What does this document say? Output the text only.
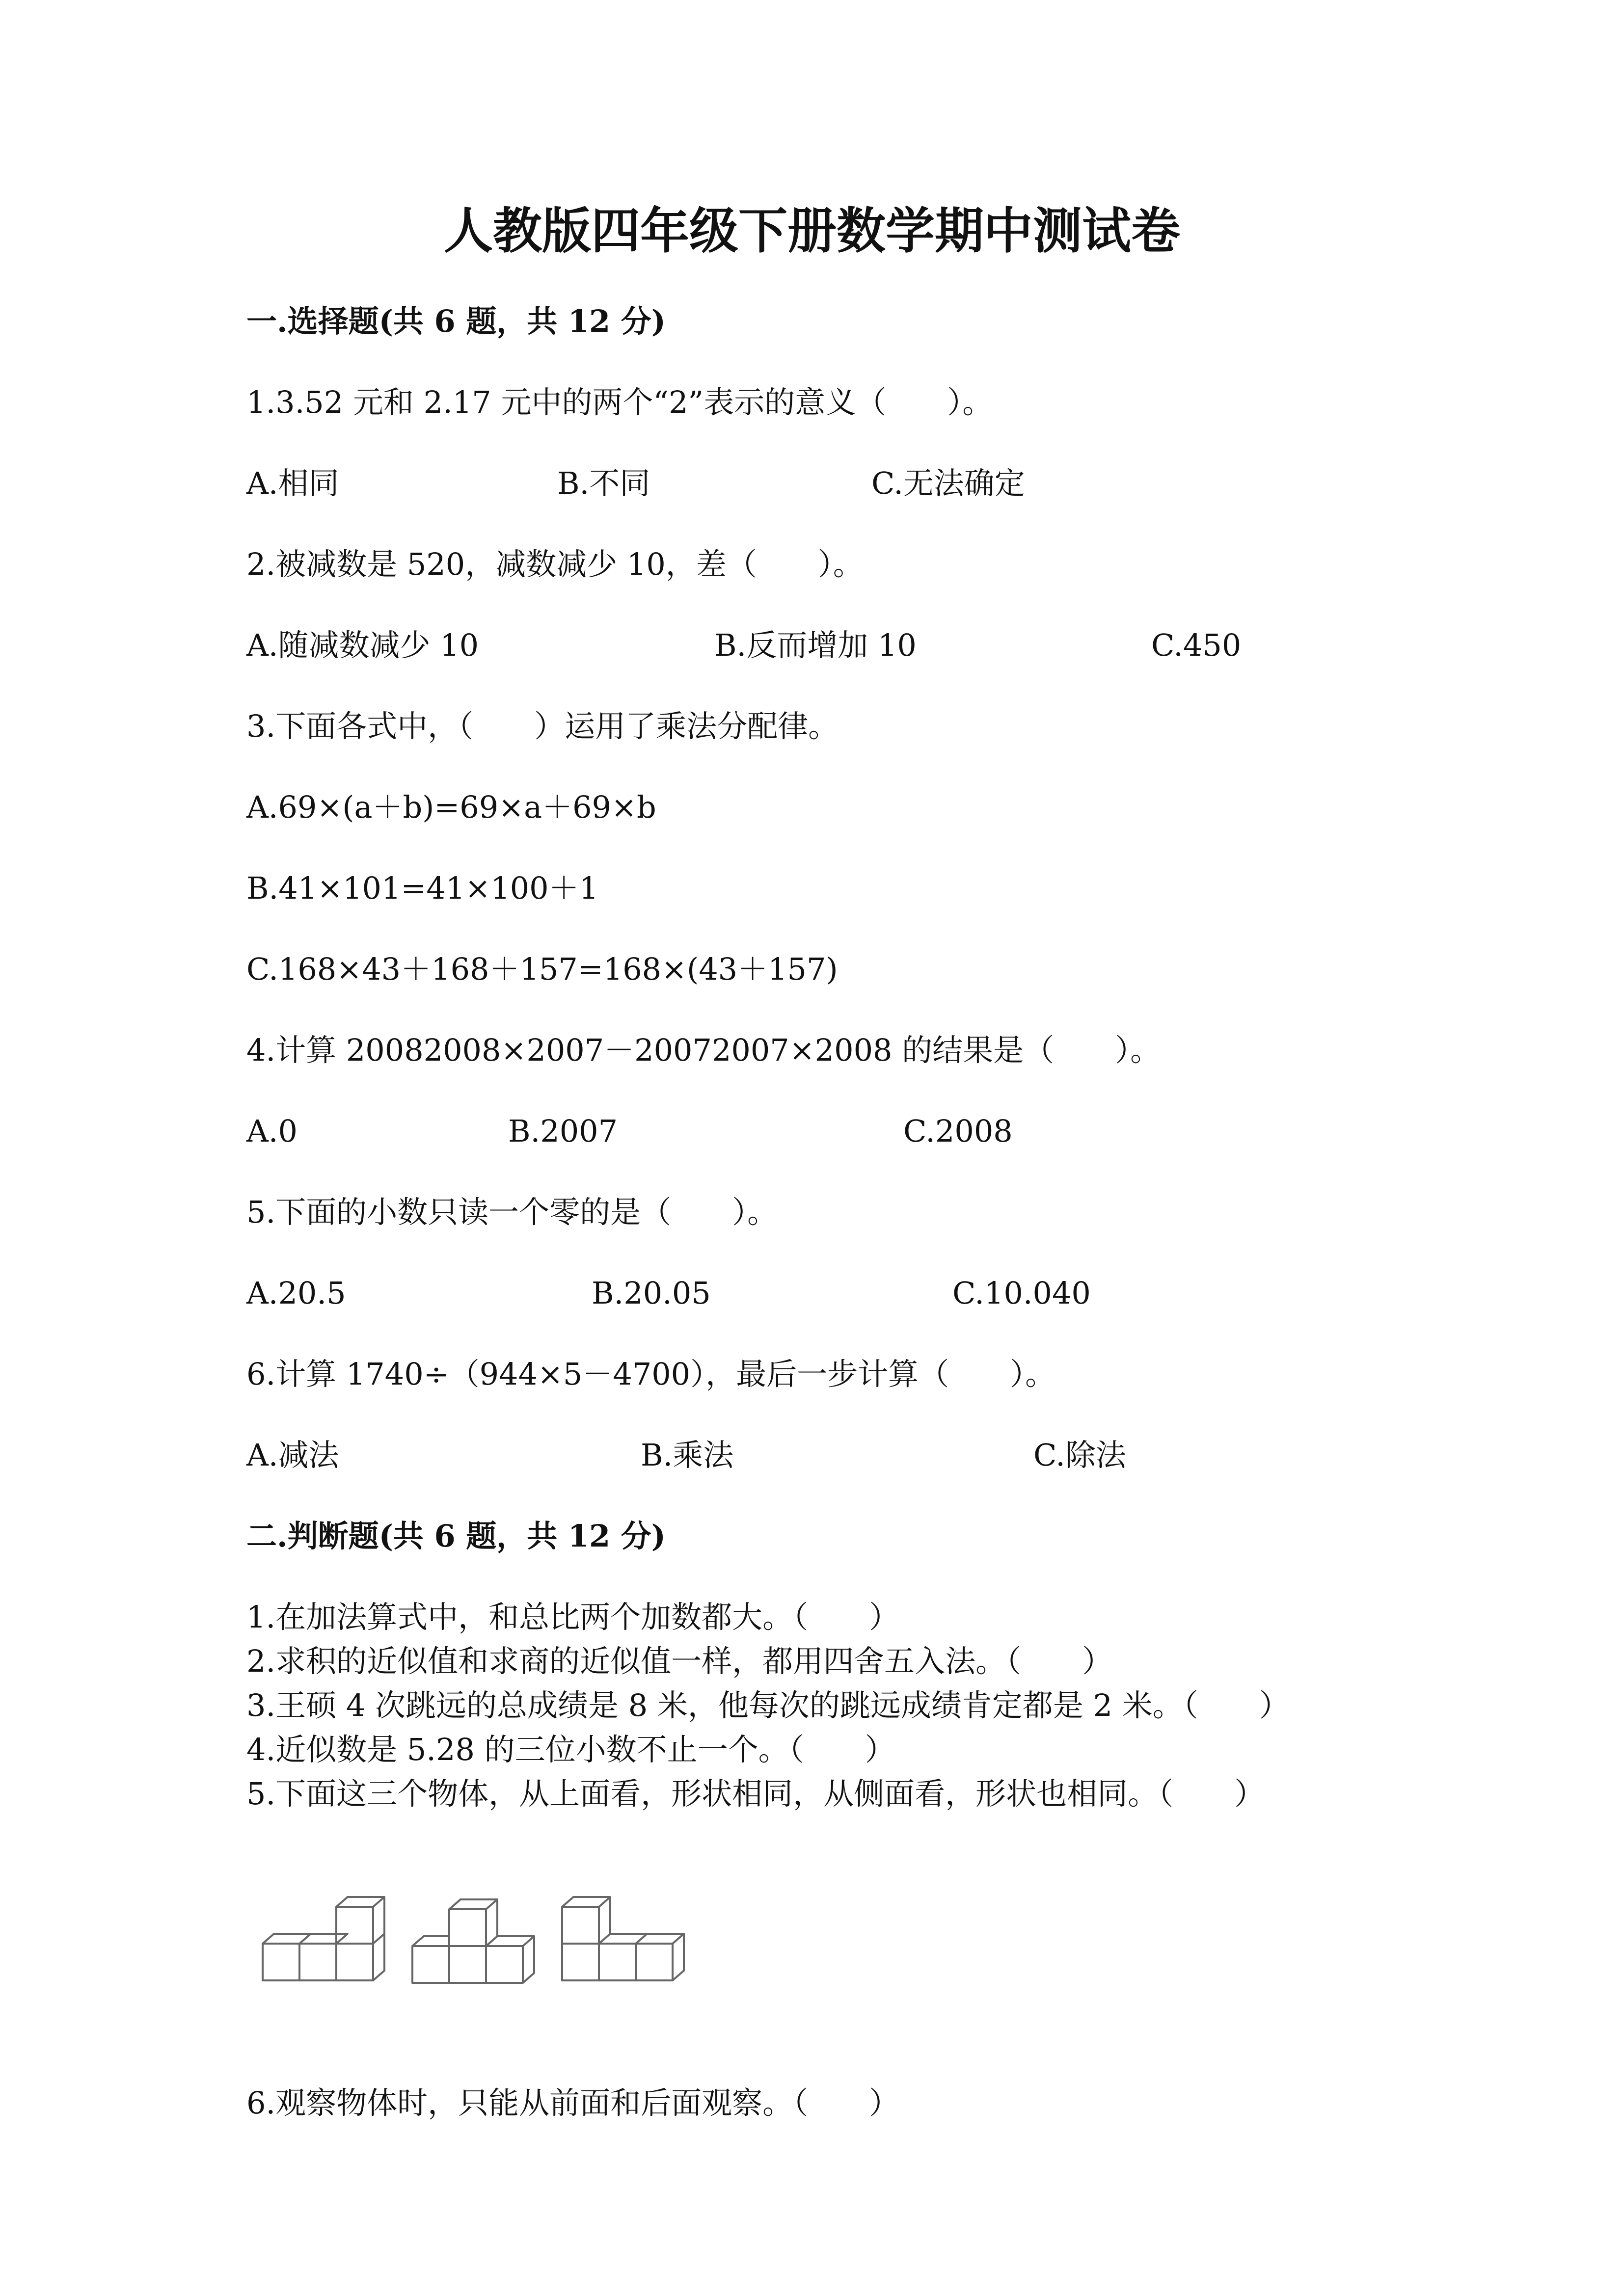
人教版四年级下册数学期中测试卷
一.选择题(共 6 题，共 12 分)
1.3.52 元和 2.17 元中的两个“2”表示的意义（　　）。
A.相同	B.不同	C.无法确定
2.被减数是 520，减数减少 10，差（　　）。
A.随减数减少 10	B.反而增加 10	C.450
3.下面各式中，（　　）运用了乘法分配律。
A.69×(a＋b)=69×a＋69×b
B.41×101=41×100＋1
C.168×43＋168＋157=168×(43＋157)
4.计算 20082008×2007－20072007×2008 的结果是（　　）。
A.0	B.2007	C.2008
5.下面的小数只读一个零的是（　　）。
A.20.5	B.20.05	C.10.040
6.计算 1740÷（944×5－4700），最后一步计算（　　）。
A.减法	B.乘法	C.除法
二.判断题(共 6 题，共 12 分)
1.在加法算式中，和总比两个加数都大。（　　）
2.求积的近似值和求商的近似值一样，都用四舍五入法。（　　）
3.王硕 4 次跳远的总成绩是 8 米，他每次的跳远成绩肯定都是 2 米。（　　）
4.近似数是 5.28 的三位小数不止一个。（　　）
5.下面这三个物体，从上面看，形状相同，从侧面看，形状也相同。（　　）
6.观察物体时，只能从前面和后面观察。（　　）
